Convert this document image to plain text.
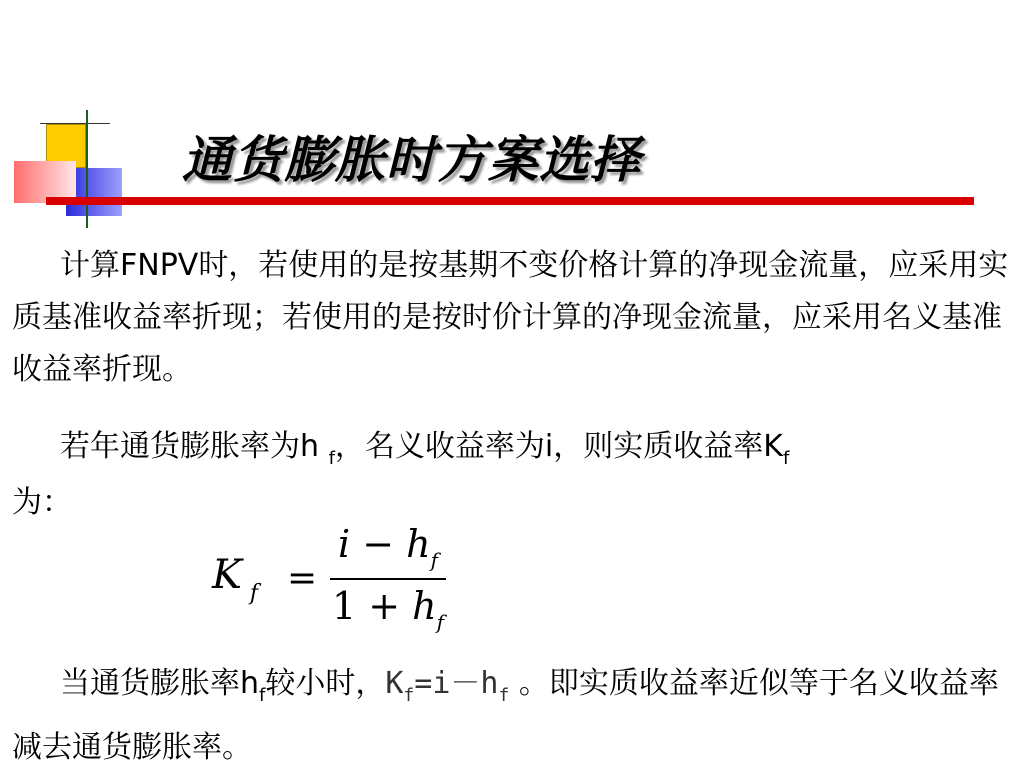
通货膨胀时方案选择

计算FNPV时，若使用的是按基期不变价格计算的净现金流量，应采用实质基准收益率折现；若使用的是按时价计算的净现金流量，应采用名义基准收益率折现。

若年通货膨胀率为h $_f$，名义收益率为i，则实质收益率$K_f$
为：

K $_f$ =
$i - h_f$
$1 + h_f$

当通货膨胀率$h_f$较小时，$K_f=i-h_f$ 。即实质收益率近似等于名义收益率减去通货膨胀率。
